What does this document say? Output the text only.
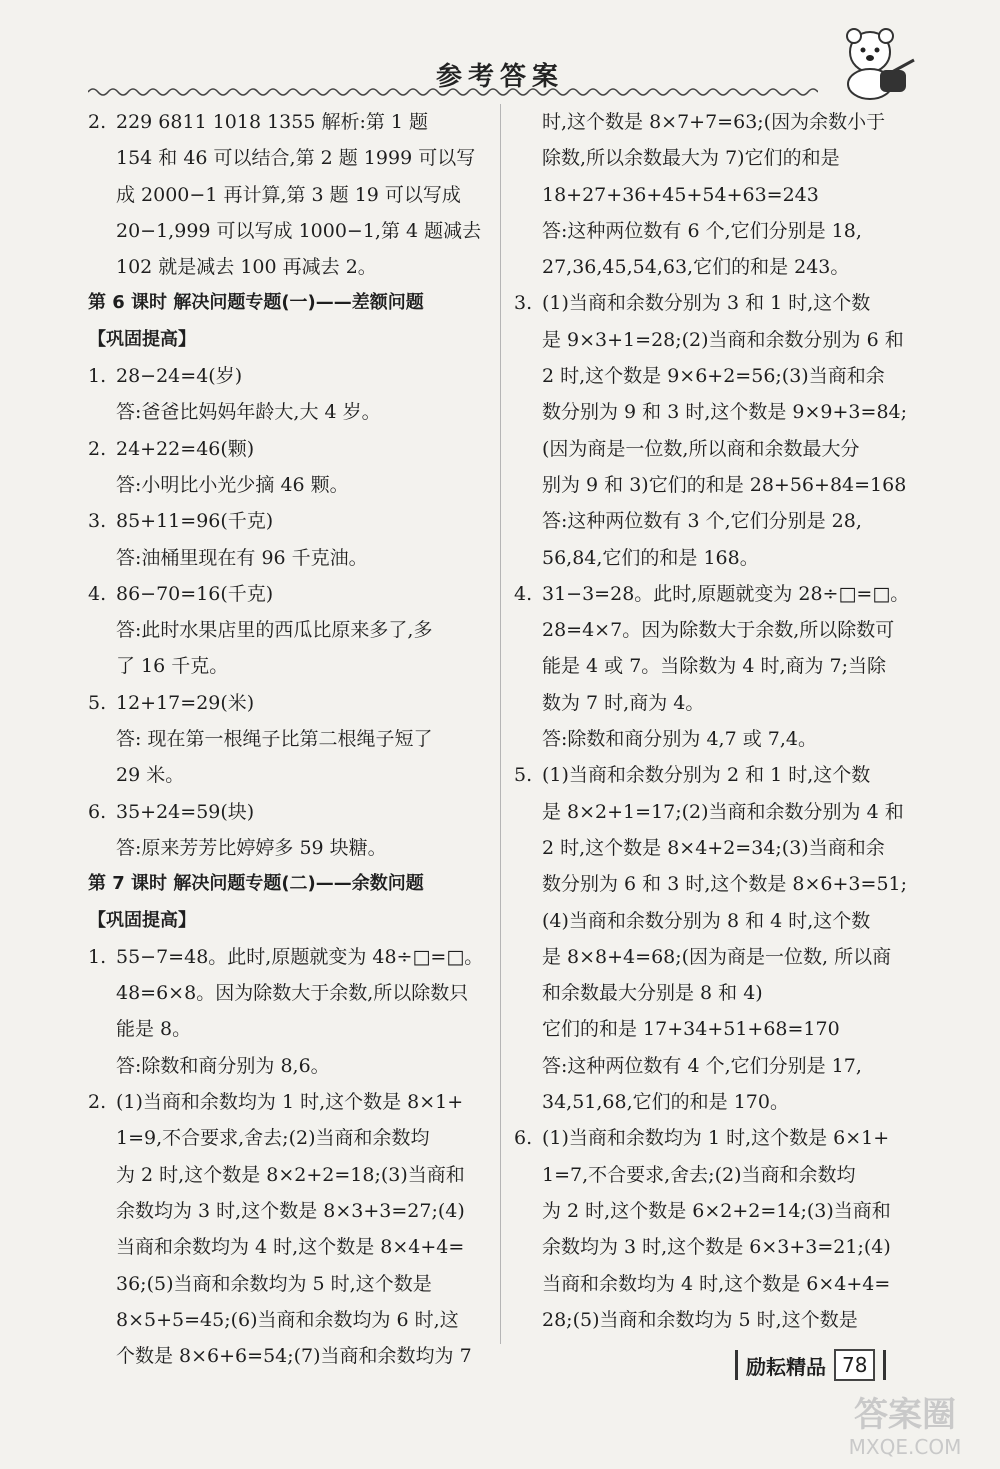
参考答案
2. 229 6811 1018 1355 解析:第 1 题
154 和 46 可以结合,第 2 题 1999 可以写
成 2000−1 再计算,第 3 题 19 可以写成
20−1,999 可以写成 1000−1,第 4 题减去
102 就是减去 100 再减去 2。
第 6 课时 解决问题专题(一)——差额问题
【巩固提高】
1. 28−24=4(岁)
答:爸爸比妈妈年龄大,大 4 岁。
2. 24+22=46(颗)
答:小明比小光少摘 46 颗。
3. 85+11=96(千克)
答:油桶里现在有 96 千克油。
4. 86−70=16(千克)
答:此时水果店里的西瓜比原来多了,多
了 16 千克。
5. 12+17=29(米)
答: 现在第一根绳子比第二根绳子短了
29 米。
6. 35+24=59(块)
答:原来芳芳比婷婷多 59 块糖。
第 7 课时 解决问题专题(二)——余数问题
【巩固提高】
1. 55−7=48。此时,原题就变为 48÷□=□。
48=6×8。因为除数大于余数,所以除数只
能是 8。
答:除数和商分别为 8,6。
2. (1)当商和余数均为 1 时,这个数是 8×1+
1=9,不合要求,舍去;(2)当商和余数均
为 2 时,这个数是 8×2+2=18;(3)当商和
余数均为 3 时,这个数是 8×3+3=27;(4)
当商和余数均为 4 时,这个数是 8×4+4=
36;(5)当商和余数均为 5 时,这个数是
8×5+5=45;(6)当商和余数均为 6 时,这
个数是 8×6+6=54;(7)当商和余数均为 7
时,这个数是 8×7+7=63;(因为余数小于
除数,所以余数最大为 7)它们的和是
18+27+36+45+54+63=243
答:这种两位数有 6 个,它们分别是 18,
27,36,45,54,63,它们的和是 243。
3. (1)当商和余数分别为 3 和 1 时,这个数
是 9×3+1=28;(2)当商和余数分别为 6 和
2 时,这个数是 9×6+2=56;(3)当商和余
数分别为 9 和 3 时,这个数是 9×9+3=84;
(因为商是一位数,所以商和余数最大分
别为 9 和 3)它们的和是 28+56+84=168
答:这种两位数有 3 个,它们分别是 28,
56,84,它们的和是 168。
4. 31−3=28。此时,原题就变为 28÷□=□。
28=4×7。因为除数大于余数,所以除数可
能是 4 或 7。当除数为 4 时,商为 7;当除
数为 7 时,商为 4。
答:除数和商分别为 4,7 或 7,4。
5. (1)当商和余数分别为 2 和 1 时,这个数
是 8×2+1=17;(2)当商和余数分别为 4 和
2 时,这个数是 8×4+2=34;(3)当商和余
数分别为 6 和 3 时,这个数是 8×6+3=51;
(4)当商和余数分别为 8 和 4 时,这个数
是 8×8+4=68;(因为商是一位数, 所以商
和余数最大分别是 8 和 4)
它们的和是 17+34+51+68=170
答:这种两位数有 4 个,它们分别是 17,
34,51,68,它们的和是 170。
6. (1)当商和余数均为 1 时,这个数是 6×1+
1=7,不合要求,舍去;(2)当商和余数均
为 2 时,这个数是 6×2+2=14;(3)当商和
余数均为 3 时,这个数是 6×3+3=21;(4)
当商和余数均为 4 时,这个数是 6×4+4=
28;(5)当商和余数均为 5 时,这个数是
励耘精品 78
答案圈
MXQE.COM
